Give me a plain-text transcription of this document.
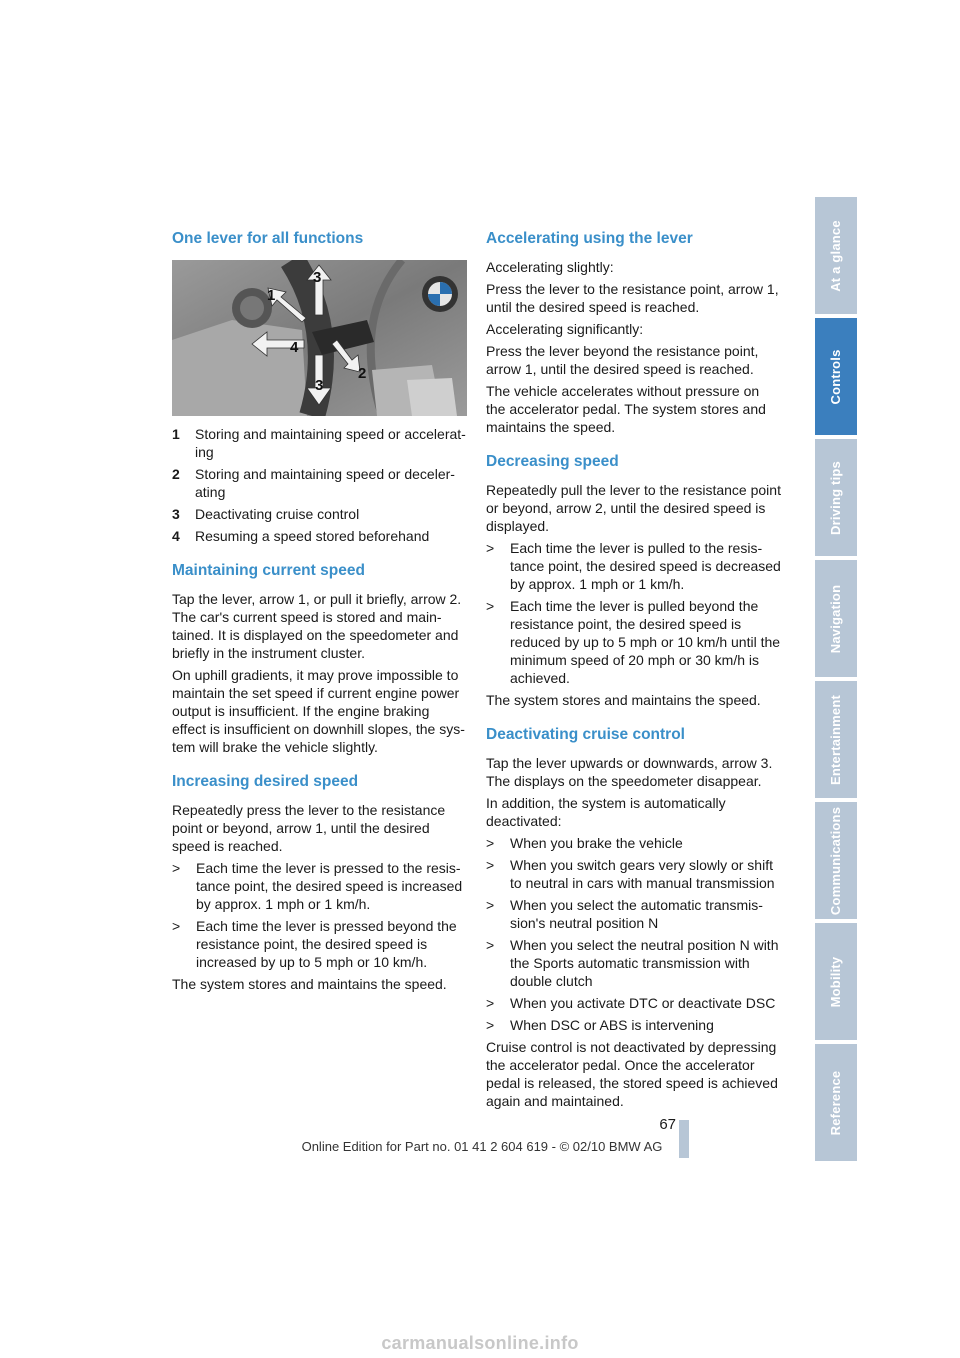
One lever for all functions
1
2
3
4
3
1	Storing and maintaining speed or accelerat-ing
2	Storing and maintaining speed or deceler-ating
3	Deactivating cruise control
4	Resuming a speed stored beforehand
Maintaining current speed

Tap the lever, arrow 1, or pull it briefly, arrow 2. The car's current speed is stored and main-tained. It is displayed on the speedometer and briefly in the instrument cluster.

On uphill gradients, it may prove impossible to maintain the set speed if current engine power output is insufficient. If the engine braking effect is insufficient on downhill slopes, the sys-tem will brake the vehicle slightly.

Increasing desired speed

Repeatedly press the lever to the resistance point or beyond, arrow 1, until the desired speed is reached.

>	Each time the lever is pressed to the resis-tance point, the desired speed is increased by approx. 1 mph or 1 km/h.
>	Each time the lever is pressed beyond the resistance point, the desired speed is increased by up to 5 mph or 10 km/h.

The system stores and maintains the speed.

Accelerating using the lever

Accelerating slightly:

Press the lever to the resistance point, arrow 1, until the desired speed is reached.

Accelerating significantly:

Press the lever beyond the resistance point, arrow 1, until the desired speed is reached.

The vehicle accelerates without pressure on the accelerator pedal. The system stores and maintains the speed.

Decreasing speed

Repeatedly pull the lever to the resistance point or beyond, arrow 2, until the desired speed is displayed.

>	Each time the lever is pulled to the resis-tance point, the desired speed is decreased by approx. 1 mph or 1 km/h.
>	Each time the lever is pulled beyond the resistance point, the desired speed is reduced by up to 5 mph or 10 km/h until the minimum speed of 20 mph or 30 km/h is achieved.

The system stores and maintains the speed.

Deactivating cruise control

Tap the lever upwards or downwards, arrow 3. The displays on the speedometer disappear.

In addition, the system is automatically deactivated:

>	When you brake the vehicle
>	When you switch gears very slowly or shift to neutral in cars with manual transmission
>	When you select the automatic transmis-sion's neutral position N
>	When you select the neutral position N with the Sports automatic transmission with double clutch
>	When you activate DTC or deactivate DSC
>	When DSC or ABS is intervening

Cruise control is not deactivated by depressing the accelerator pedal. Once the accelerator pedal is released, the stored speed is achieved again and maintained.

At a glance
Controls
Driving tips
Navigation
Entertainment
Communications
Mobility
Reference
67
Online Edition for Part no. 01 41 2 604 619 - © 02/10 BMW AG
carmanualsonline.info
